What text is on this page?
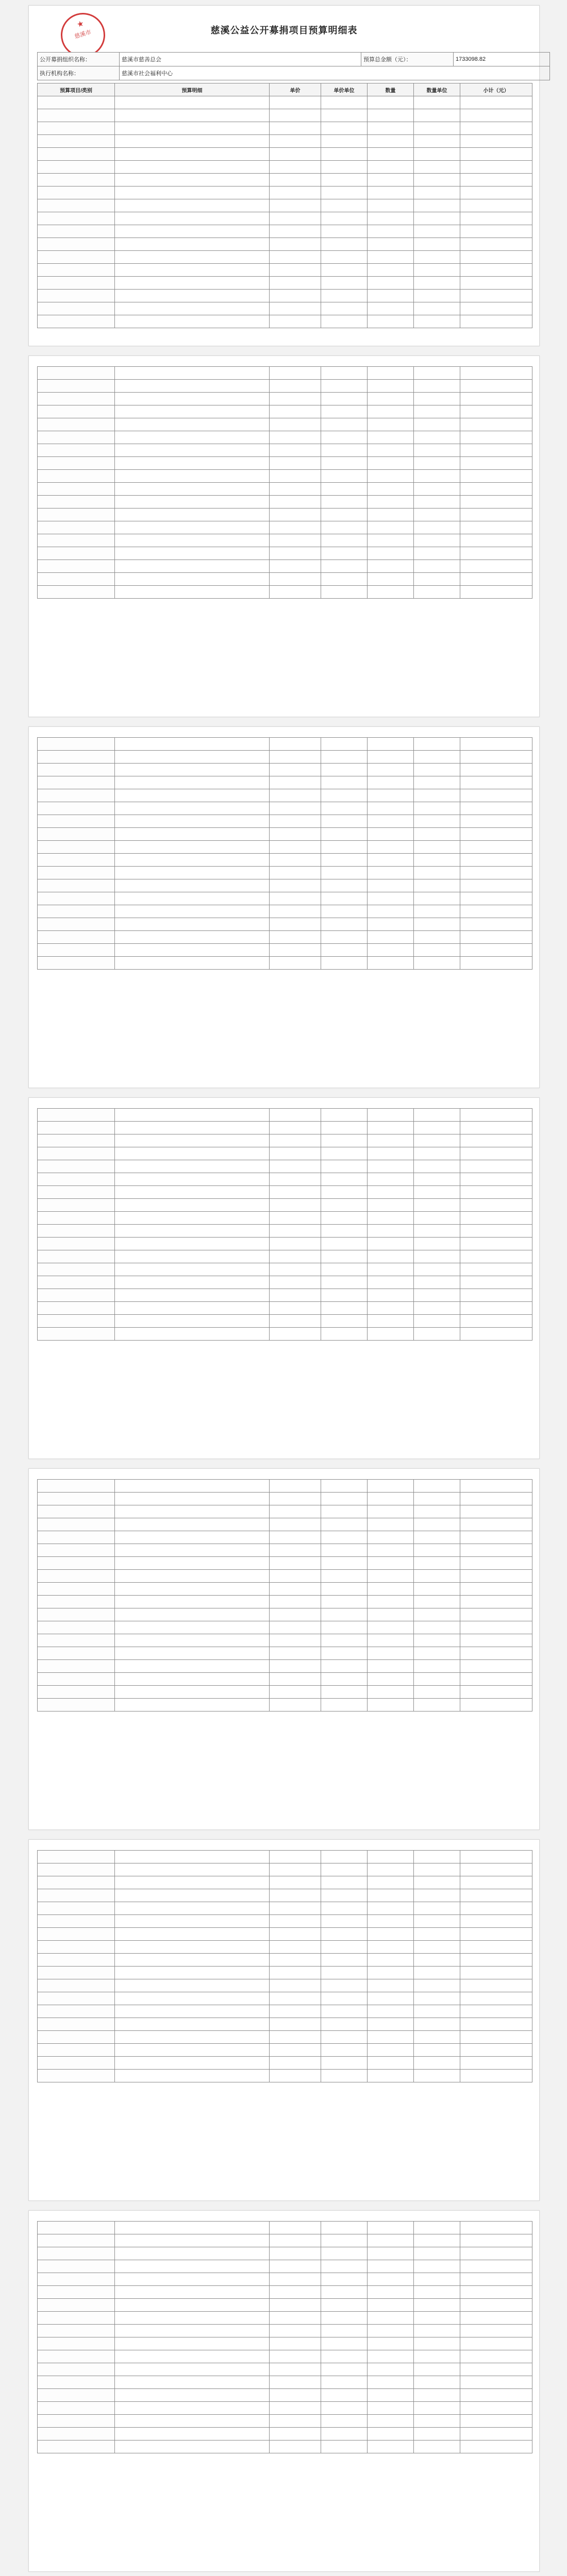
慈溪市	慈溪公益公开募捐项目预算明细表
公开募捐组织名称：	慈溪市慈善总会	预算总金额（元）：	1733098.82
执行机构名称：	慈溪市社会福利中心		
预算项目/类别	预算明细	单价	单价单位	数量	数量单位	小计（元）
